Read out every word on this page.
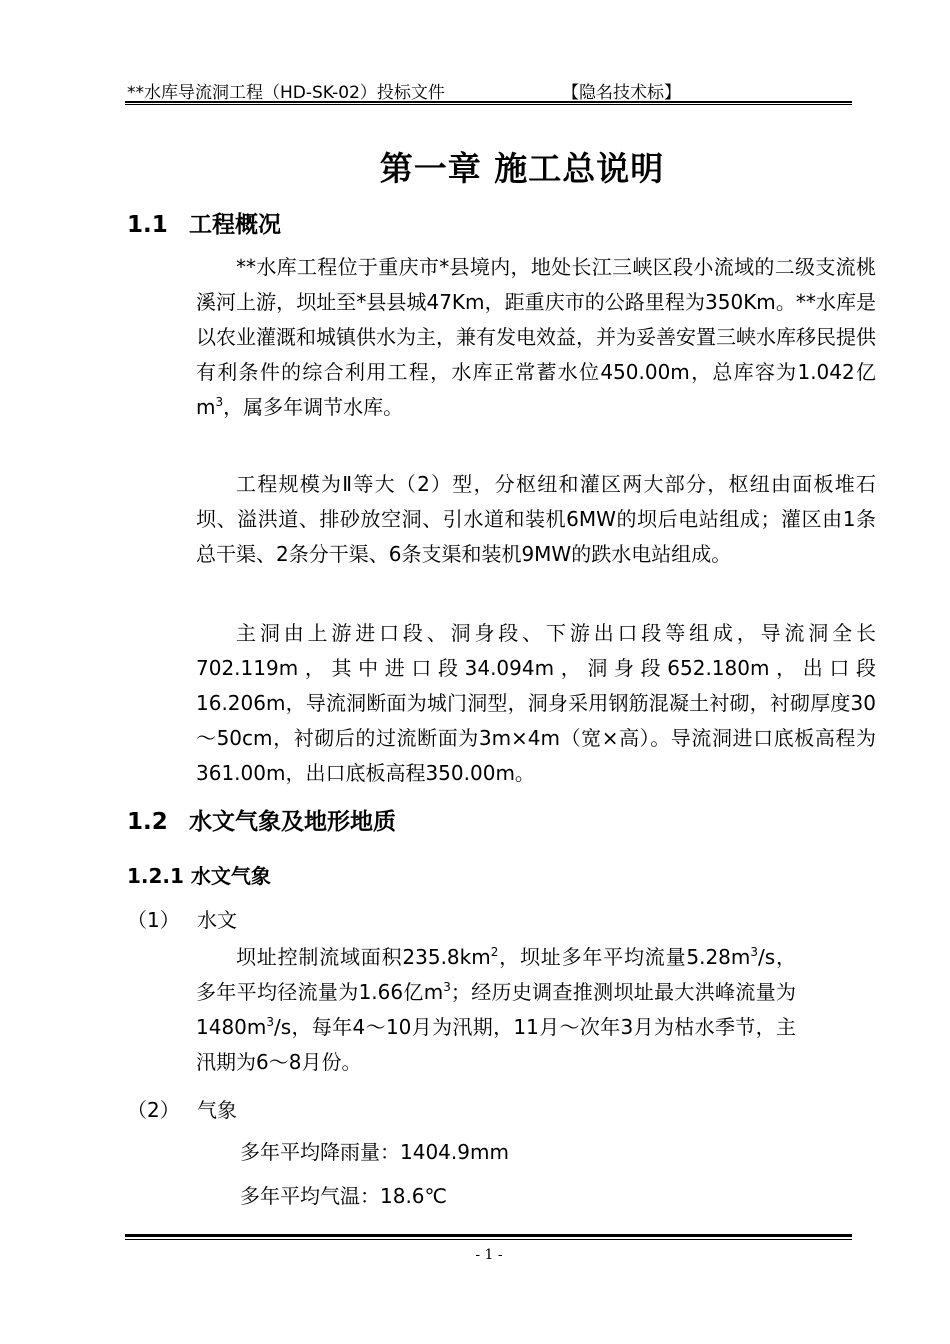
**水库导流洞工程（HD-SK-02）投标文件	【隐名技术标】
第一章 施工总说明
1.1 工程概况
**水库工程位于重庆市*县境内，地处长江三峡区段小流域的二级支流桃溪河上游，坝址至*县县城47Km，距重庆市的公路里程为350Km。**水库是以农业灌溉和城镇供水为主，兼有发电效益，并为妥善安置三峡水库移民提供有利条件的综合利用工程，水库正常蓄水位450.00m，总库容为1.042亿$m^3$，属多年调节水库。
工程规模为Ⅱ等大（2）型，分枢纽和灌区两大部分，枢纽由面板堆石坝、溢洪道、排砂放空洞、引水道和装机6MW的坝后电站组成；灌区由1条总干渠、2条分干渠、6条支渠和装机9MW的跌水电站组成。
主洞由上游进口段、洞身段、下游出口段等组成，导流洞全长702.119m，其中进口段34.094m，洞身段652.180m，出口段16.206m，导流洞断面为城门洞型，洞身采用钢筋混凝土衬砌，衬砌厚度30～50cm，衬砌后的过流断面为3m×4m（宽×高）。导流洞进口底板高程为361.00m，出口底板高程350.00m。
1.2 水文气象及地形地质
1.2.1 水文气象
（1） 水文
坝址控制流域面积$235.8km^2$，坝址多年平均流量$5.28m^3/s$，多年平均径流量为1.66亿$m^3$；经历史调查推测坝址最大洪峰流量为$1480m^3/s$，每年4～10月为汛期，11月～次年3月为枯水季节，主汛期为6～8月份。
（2） 气象
多年平均降雨量：1404.9mm
多年平均气温：18.6℃
- 1 -
